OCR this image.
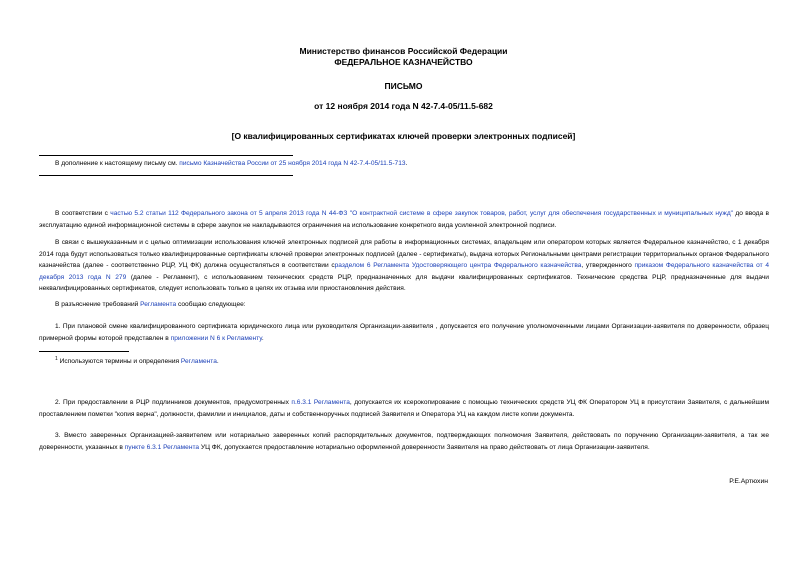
Министерство финансов Российской Федерации
ФЕДЕРАЛЬНОЕ КАЗНАЧЕЙСТВО
ПИСЬМО
от 12 ноября 2014 года N 42-7.4-05/11.5-682
[О квалифицированных сертификатах ключей проверки электронных подписей]
В дополнение к настоящему письму см. письмо Казначейства России от 25 ноября 2014 года N 42-7.4-05/11.5-713.
В соответствии с частью 5.2 статьи 112 Федерального закона от 5 апреля 2013 года N 44-ФЗ "О контрактной системе в сфере закупок товаров, работ, услуг для обеспечения государственных и муниципальных нужд" до ввода в эксплуатацию единой информационной системы в сфере закупок не накладываются ограничения на использование конкретного вида усиленной электронной подписи.
В связи с вышеуказанным и с целью оптимизации использования ключей электронных подписей для работы в информационных системах, владельцем или оператором которых является Федеральное казначейство, с 1 декабря 2014 года будут использоваться только квалифицированные сертификаты ключей проверки электронных подписей (далее - сертификаты), выдача которых Региональными центрами регистрации территориальных органов Федерального казначейства (далее - соответственно РЦР, УЦ ФК) должна осуществляться в соответствии сразделом 6 Регламента Удостоверяющего центра Федерального казначейства, утвержденного приказом Федерального казначейства от 4 декабря 2013 года N 279 (далее - Регламент), с использованием технических средств РЦР, предназначенных для выдачи квалифицированных сертификатов. Технические средства РЦР, предназначенные для выдачи неквалифицированных сертификатов, следует использовать только в целях их отзыва или приостановления действия.
В разъяснение требований Регламента сообщаю следующее:
1. При плановой смене квалифицированного сертификата юридического лица или руководителя Организации-заявителя , допускается его получение уполномоченными лицами Организации-заявителя по доверенности, образец примерной формы которой представлен в приложении N 6 к Регламенту.
$^1$ Используются термины и определения Регламента.
2. При предоставлении в РЦР подлинников документов, предусмотренных п.6.3.1 Регламента, допускается их ксерокопирование с помощью технических средств УЦ ФК Оператором УЦ в присутствии Заявителя, с дальнейшим проставлением пометки "копия верна", должности, фамилии и инициалов, даты и собственноручных подписей Заявителя и Оператора УЦ на каждом листе копии документа.
3. Вместо заверенных Организацией-заявителем или нотариально заверенных копий распорядительных документов, подтверждающих полномочия Заявителя, действовать по поручению Организации-заявителя, а так же доверенности, указанных в пункте 6.3.1 Регламента УЦ ФК, допускается предоставление нотариально оформленной доверенности Заявителя на право действовать от лица Организации-заявителя.
Р.Е.Артюхин
